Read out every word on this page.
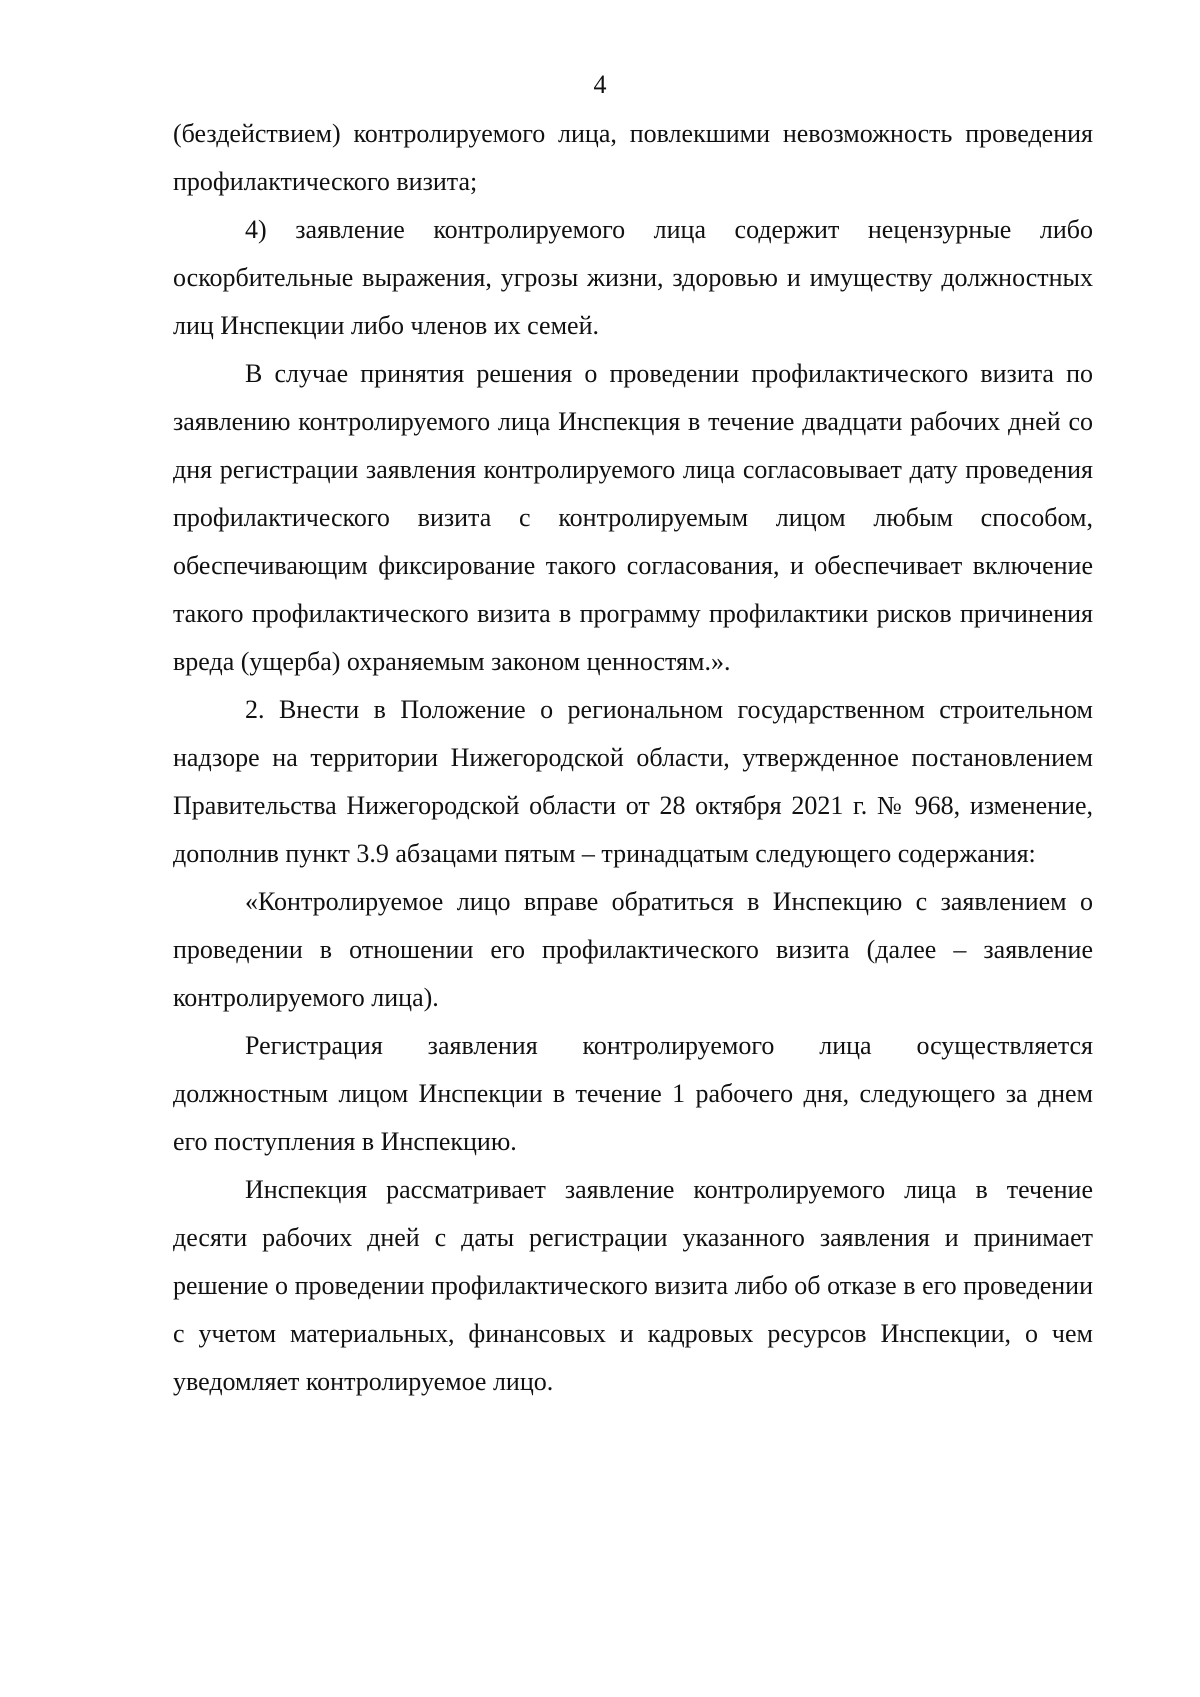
4

(бездействием) контролируемого лица, повлекшими невозможность проведения профилактического визита;

4) заявление контролируемого лица содержит нецензурные либо оскорбительные выражения, угрозы жизни, здоровью и имуществу должностных лиц Инспекции либо членов их семей.

В случае принятия решения о проведении профилактического визита по заявлению контролируемого лица Инспекция в течение двадцати рабочих дней со дня регистрации заявления контролируемого лица согласовывает дату проведения профилактического визита с контролируемым лицом любым способом, обеспечивающим фиксирование такого согласования, и обеспечивает включение такого профилактического визита в программу профилактики рисков причинения вреда (ущерба) охраняемым законом ценностям.».

2. Внести в Положение о региональном государственном строительном надзоре на территории Нижегородской области, утвержденное постановлением Правительства Нижегородской области от 28 октября 2021 г. № 968, изменение, дополнив пункт 3.9 абзацами пятым – тринадцатым следующего содержания:

«Контролируемое лицо вправе обратиться в Инспекцию с заявлением о проведении в отношении его профилактического визита (далее – заявление контролируемого лица).

Регистрация заявления контролируемого лица осуществляется должностным лицом Инспекции в течение 1 рабочего дня, следующего за днем его поступления в Инспекцию.

Инспекция рассматривает заявление контролируемого лица в течение десяти рабочих дней с даты регистрации указанного заявления и принимает решение о проведении профилактического визита либо об отказе в его проведении с учетом материальных, финансовых и кадровых ресурсов Инспекции, о чем уведомляет контролируемое лицо.
